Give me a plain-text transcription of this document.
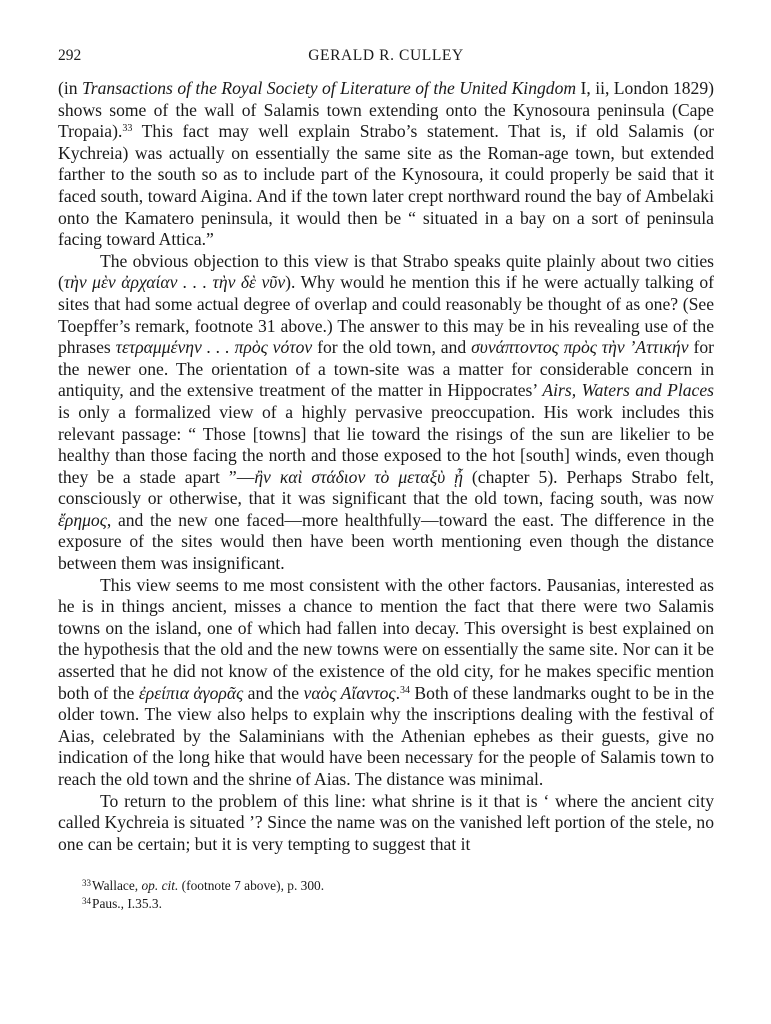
292	GERALD R. CULLEY

(in Transactions of the Royal Society of Literature of the United Kingdom I, ii, London 1829) shows some of the wall of Salamis town extending onto the Kynosoura peninsula (Cape Tropaia).$^{33}$ This fact may well explain Strabo’s statement. That is, if old Salamis (or Kychreia) was actually on essentially the same site as the Roman-age town, but extended farther to the south so as to include part of the Kynosoura, it could properly be said that it faced south, toward Aigina. And if the town later crept northward round the bay of Ambelaki onto the Kamatero peninsula, it would then be “ situated in a bay on a sort of peninsula facing toward Attica.”

The obvious objection to this view is that Strabo speaks quite plainly about two cities (τὴν μὲν ἀρχαίαν . . . τὴν δὲ νῦν). Why would he mention this if he were actually talking of sites that had some actual degree of overlap and could reasonably be thought of as one? (See Toepffer’s remark, footnote 31 above.) The answer to this may be in his revealing use of the phrases τετραμμένην . . . πρὸς νότον for the old town, and συνάπτοντος πρὸς τὴν ’Αττικήν for the newer one. The orientation of a town-site was a matter for considerable concern in antiquity, and the extensive treatment of the matter in Hippocrates’ Airs, Waters and Places is only a formalized view of a highly pervasive preoccupation. His work includes this relevant passage: “ Those [towns] that lie toward the risings of the sun are likelier to be healthy than those facing the north and those exposed to the hot [south] winds, even though they be a stade apart ”—ἢν καὶ στάδιον τὸ μεταξὺ ᾖ (chapter 5). Perhaps Strabo felt, consciously or otherwise, that it was significant that the old town, facing south, was now ἔρημος, and the new one faced—more healthfully—toward the east. The difference in the exposure of the sites would then have been worth mentioning even though the distance between them was insignificant.

This view seems to me most consistent with the other factors. Pausanias, interested as he is in things ancient, misses a chance to mention the fact that there were two Salamis towns on the island, one of which had fallen into decay. This oversight is best explained on the hypothesis that the old and the new towns were on essentially the same site. Nor can it be asserted that he did not know of the existence of the old city, for he makes specific mention both of the ἐρείπια ἀγορᾶς and the ναὸς Αἴαντος.$^{34}$ Both of these landmarks ought to be in the older town. The view also helps to explain why the inscriptions dealing with the festival of Aias, celebrated by the Salaminians with the Athenian ephebes as their guests, give no indication of the long hike that would have been necessary for the people of Salamis town to reach the old town and the shrine of Aias. The distance was minimal.

To return to the problem of this line: what shrine is it that is ‘ where the ancient city called Kychreia is situated ’? Since the name was on the vanished left portion of the stele, no one can be certain; but it is very tempting to suggest that it

$^{33}$Wallace, op. cit. (footnote 7 above), p. 300.

$^{34}$Paus., I.35.3.
